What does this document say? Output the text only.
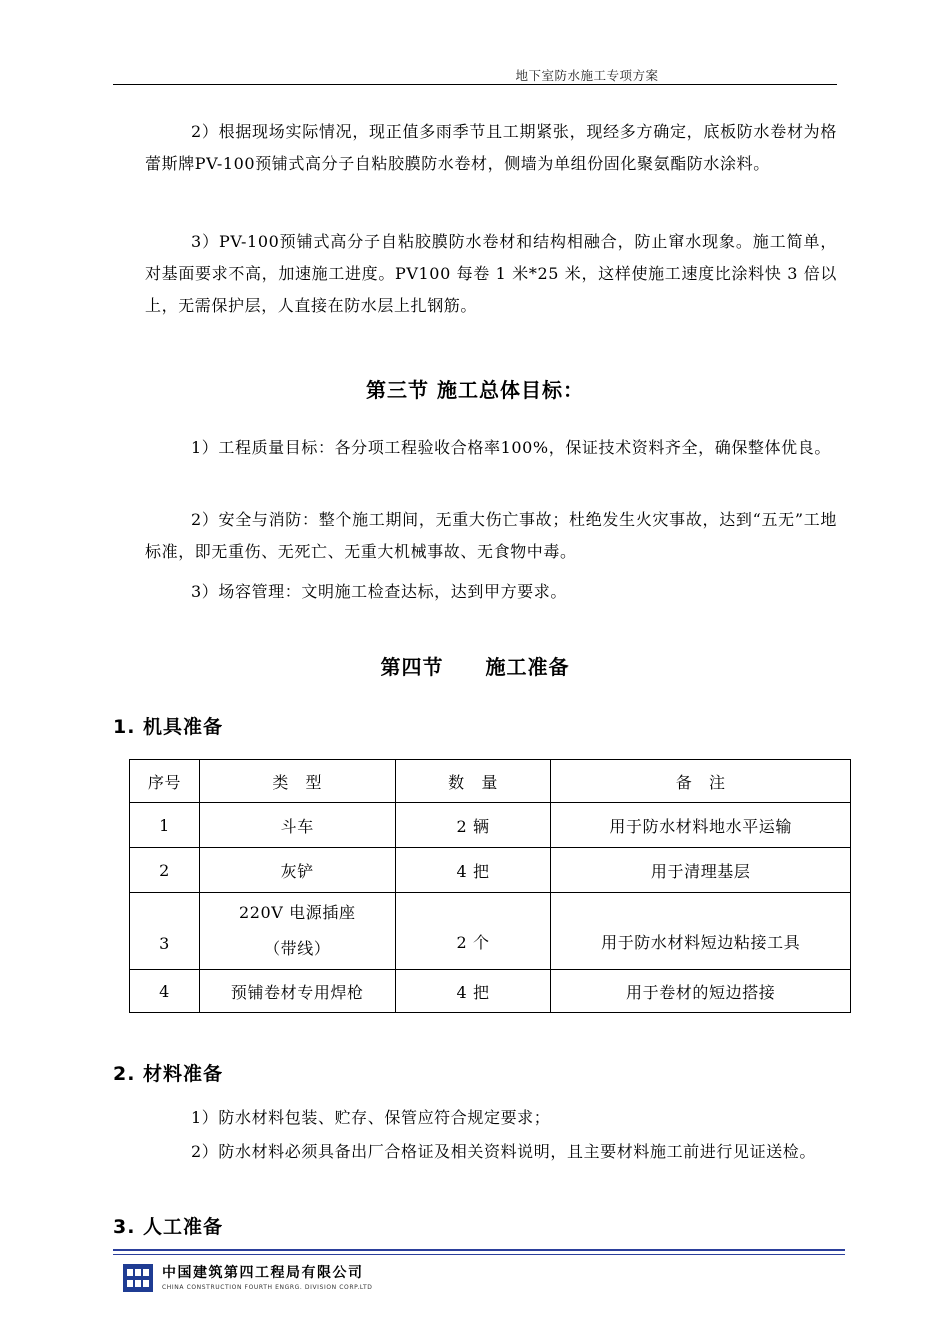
地下室防水施工专项方案

2）根据现场实际情况，现正值多雨季节且工期紧张，现经多方确定，底板防水卷材为格蕾斯牌PV-100预铺式高分子自粘胶膜防水卷材，侧墙为单组份固化聚氨酯防水涂料。

3）PV-100预铺式高分子自粘胶膜防水卷材和结构相融合，防止窜水现象。施工简单，对基面要求不高，加速施工进度。PV100 每卷 1 米*25 米，这样使施工速度比涂料快 3 倍以上，无需保护层，人直接在防水层上扎钢筋。

第三节 施工总体目标：

1）工程质量目标：各分项工程验收合格率100%，保证技术资料齐全，确保整体优良。

2）安全与消防：整个施工期间，无重大伤亡事故；杜绝发生火灾事故，达到“五无”工地标准，即无重伤、无死亡、无重大机械事故、无食物中毒。

3）场容管理：文明施工检查达标，达到甲方要求。

第四节　　施工准备
1. 机具准备
序号	类　型	数　量	备　注
1	斗车	2 辆	用于防水材料地水平运输
2	灰铲	4 把	用于清理基层
3	220V 电源插座
（带线）	2 个	用于防水材料短边粘接工具
4	预铺卷材专用焊枪	4 把	用于卷材的短边搭接
2. 材料准备

1）防水材料包装、贮存、保管应符合规定要求；

2）防水材料必须具备出厂合格证及相关资料说明，且主要材料施工前进行见证送检。

3. 人工准备
中国建筑第四工程局有限公司
CHINA CONSTRUCTION FOURTH ENGRG. DIVISION CORP.LTD
